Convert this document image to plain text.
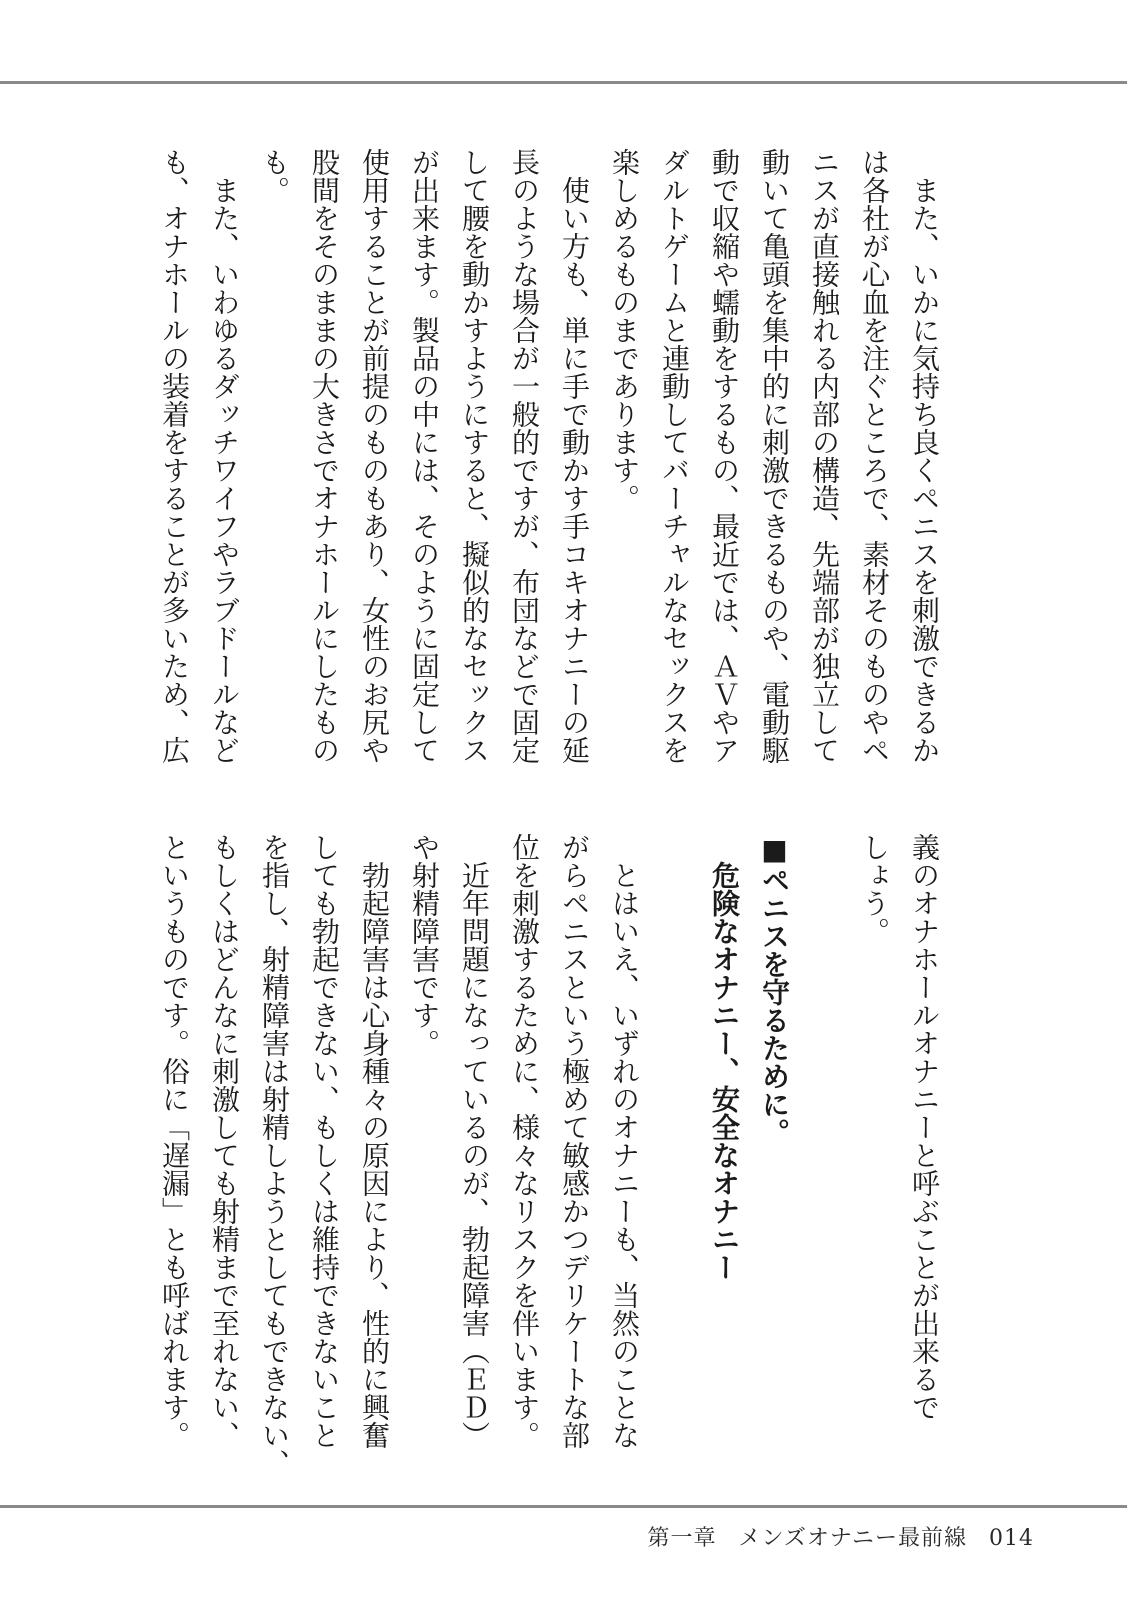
　また、いかに気持ち良くペニスを刺激できるか
は各社が心血を注ぐところで、素材そのものやペ
ニスが直接触れる内部の構造、先端部が独立して
動いて亀頭を集中的に刺激できるものや、電動駆
動で収縮や蠕動をするもの、最近では、ＡＶやア
ダルトゲームと連動してバーチャルなセックスを
楽しめるものまであります。
　使い方も、単に手で動かす手コキオナニーの延
長のような場合が一般的ですが、布団などで固定
して腰を動かすようにすると、擬似的なセックス
が出来ます。製品の中には、そのように固定して
使用することが前提のものもあり、女性のお尻や
股間をそのままの大きさでオナホールにしたもの
も。
　また、いわゆるダッチワイフやラブドールなど
も、オナホールの装着をすることが多いため、広
義のオナホールオナニーと呼ぶことが出来るで
しょう。
■ペニスを守るために。
　危険なオナニー、安全なオナニー
　とはいえ、いずれのオナニーも、当然のことな
がらペニスという極めて敏感かつデリケートな部
位を刺激するために、様々なリスクを伴います。
　近年問題になっているのが、勃起障害（ＥＤ）
や射精障害です。
　勃起障害は心身種々の原因により、性的に興奮
しても勃起できない、もしくは維持できないこと
を指し、射精障害は射精しようとしてもできない、
もしくはどんなに刺激しても射精まで至れない、
というものです。俗に「遅漏」とも呼ばれます。
第一章 メンズオナニー最前線 014
